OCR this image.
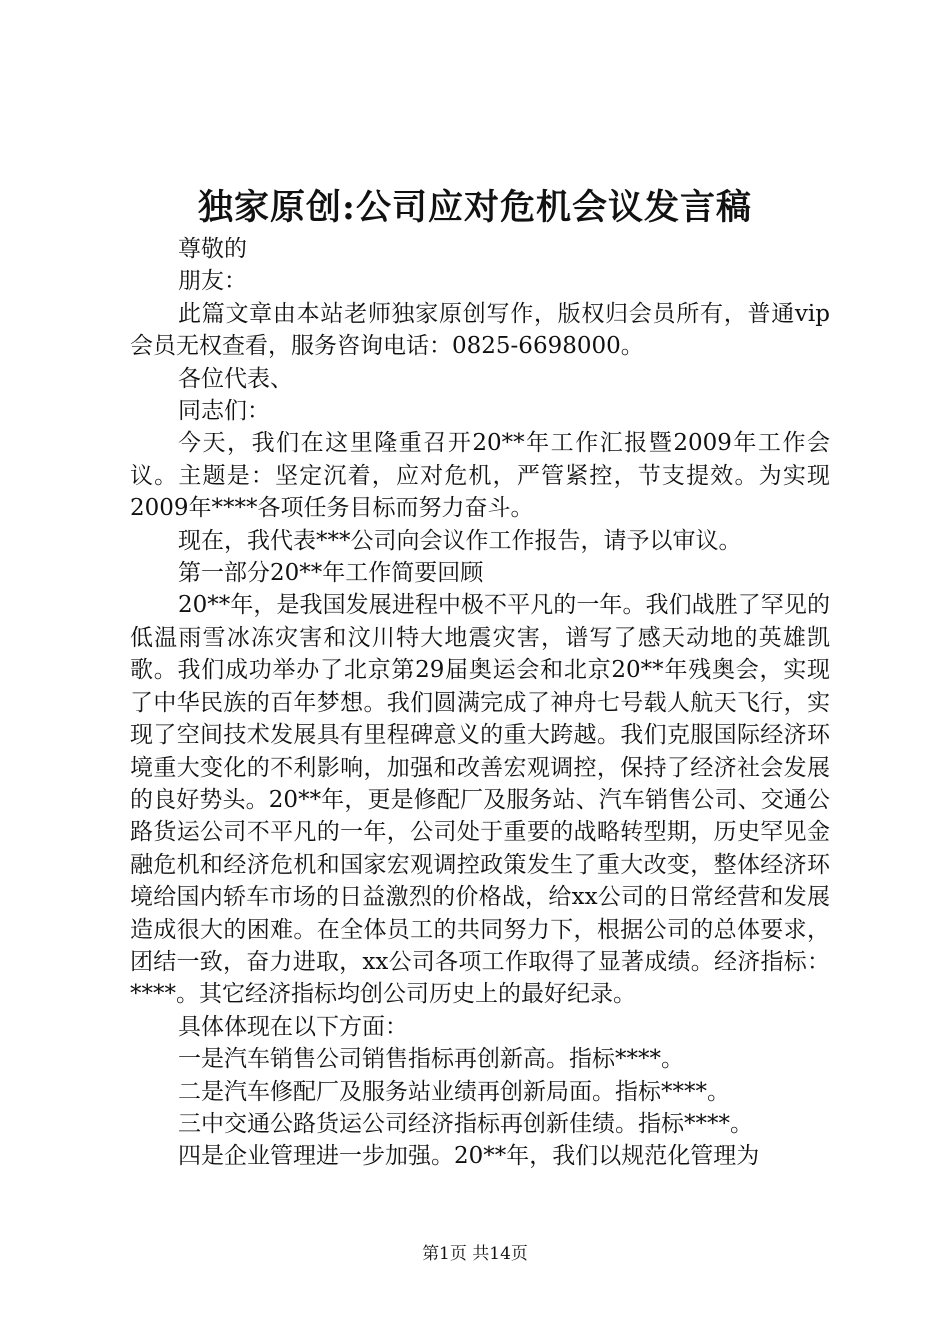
独家原创:公司应对危机会议发言稿

尊敬的

朋友：

此篇文章由本站老师独家原创写作，版权归会员所有，普通vip会员无权查看，服务咨询电话：0825-6698000。

各位代表、

同志们：

今天，我们在这里隆重召开20**年工作汇报暨2009年工作会议。主题是：坚定沉着，应对危机，严管紧控，节支提效。为实现2009年****各项任务目标而努力奋斗。

现在，我代表***公司向会议作工作报告，请予以审议。

第一部分20**年工作简要回顾

20**年，是我国发展进程中极不平凡的一年。我们战胜了罕见的低温雨雪冰冻灾害和汶川特大地震灾害，谱写了感天动地的英雄凯歌。我们成功举办了北京第29届奥运会和北京20**年残奥会，实现了中华民族的百年梦想。我们圆满完成了神舟七号载人航天飞行，实现了空间技术发展具有里程碑意义的重大跨越。我们克服国际经济环境重大变化的不利影响，加强和改善宏观调控，保持了经济社会发展的良好势头。20**年，更是修配厂及服务站、汽车销售公司、交通公路货运公司不平凡的一年，公司处于重要的战略转型期，历史罕见金融危机和经济危机和国家宏观调控政策发生了重大改变，整体经济环境给国内轿车市场的日益激烈的价格战，给xx公司的日常经营和发展造成很大的困难。在全体员工的共同努力下，根据公司的总体要求，团结一致，奋力进取，xx公司各项工作取得了显著成绩。经济指标：****。其它经济指标均创公司历史上的最好纪录。

具体体现在以下方面：

一是汽车销售公司销售指标再创新高。指标****。

二是汽车修配厂及服务站业绩再创新局面。指标****。

三中交通公路货运公司经济指标再创新佳绩。指标****。

四是企业管理进一步加强。20**年，我们以规范化管理为

第1页 共14页
